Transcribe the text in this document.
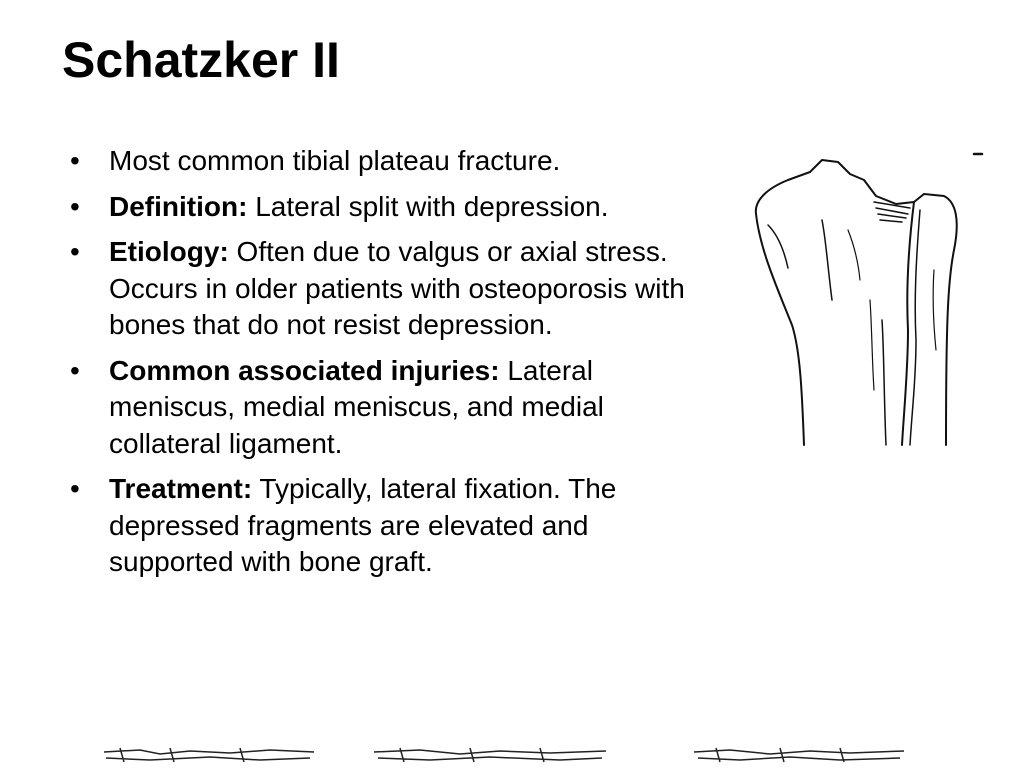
Schatzker II
• Most common tibial plateau fracture.
• Definition: Lateral split with depression.
• Etiology: Often due to valgus or axial stress. Occurs in older patients with osteoporosis with bones that do not resist depression.
• Common associated injuries: Lateral meniscus, medial meniscus, and medial collateral ligament.
• Treatment: Typically, lateral fixation. The depressed fragments are elevated and supported with bone graft.
